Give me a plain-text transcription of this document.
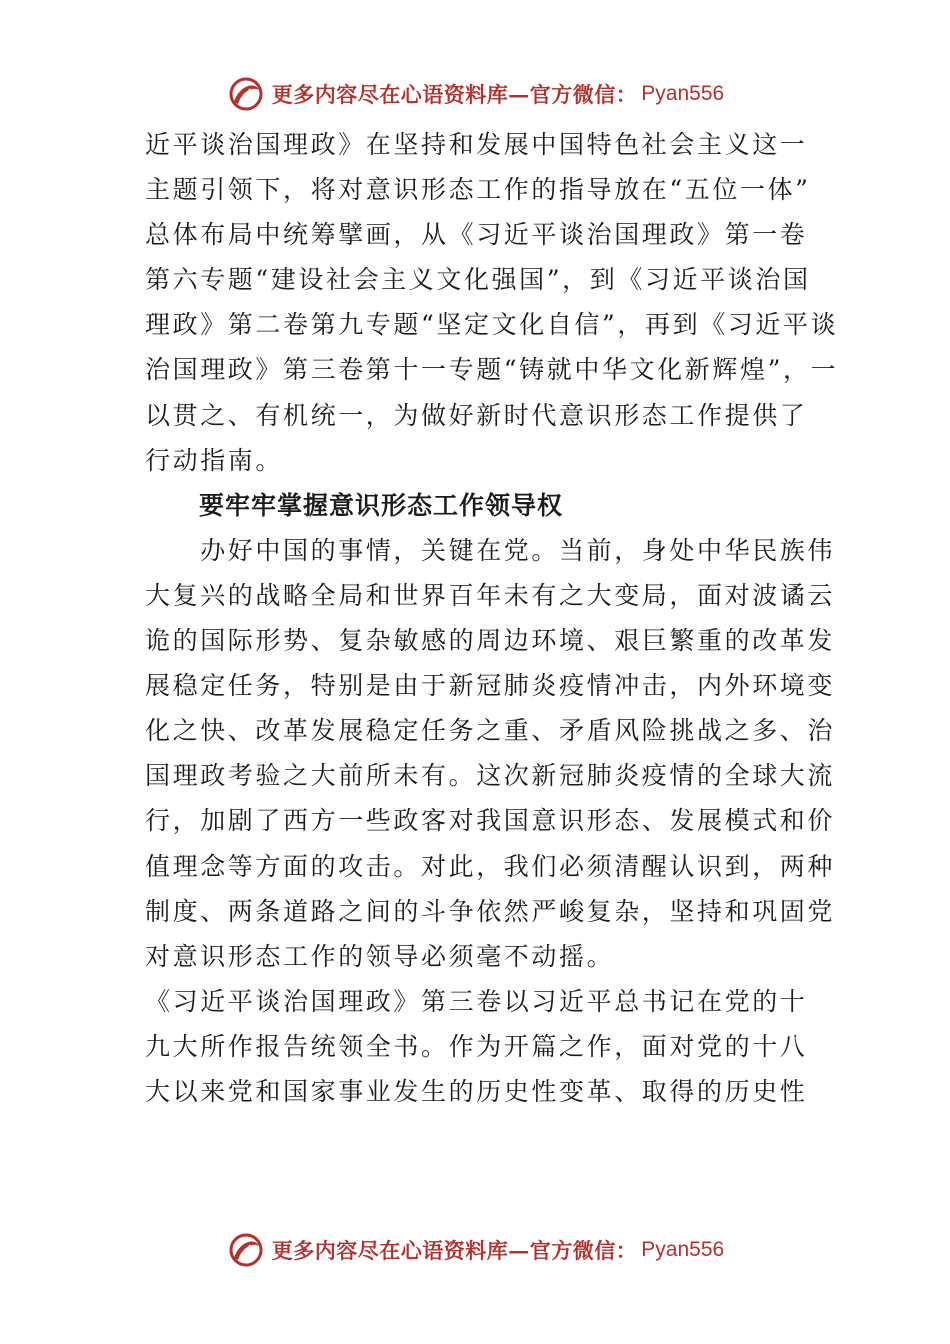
更多内容尽在心语资料库—官方微信： Pyan556
近平谈治国理政》在坚持和发展中国特色社会主义这一
主题引领下，将对意识形态工作的指导放在“五位一体”
总体布局中统筹擘画，从《习近平谈治国理政》第一卷
第六专题“建设社会主义文化强国”，到《习近平谈治国
理政》第二卷第九专题“坚定文化自信”，再到《习近平谈
治国理政》第三卷第十一专题“铸就中华文化新辉煌”，一
以贯之、有机统一，为做好新时代意识形态工作提供了
行动指南。
要牢牢掌握意识形态工作领导权
　　办好中国的事情，关键在党。当前，身处中华民族伟
大复兴的战略全局和世界百年未有之大变局，面对波谲云
诡的国际形势、复杂敏感的周边环境、艰巨繁重的改革发
展稳定任务，特别是由于新冠肺炎疫情冲击，内外环境变
化之快、改革发展稳定任务之重、矛盾风险挑战之多、治
国理政考验之大前所未有。这次新冠肺炎疫情的全球大流
行，加剧了西方一些政客对我国意识形态、发展模式和价
值理念等方面的攻击。对此，我们必须清醒认识到，两种
制度、两条道路之间的斗争依然严峻复杂，坚持和巩固党
对意识形态工作的领导必须毫不动摇。
《习近平谈治国理政》第三卷以习近平总书记在党的十
九大所作报告统领全书。作为开篇之作，面对党的十八
大以来党和国家事业发生的历史性变革、取得的历史性
更多内容尽在心语资料库—官方微信： Pyan556
